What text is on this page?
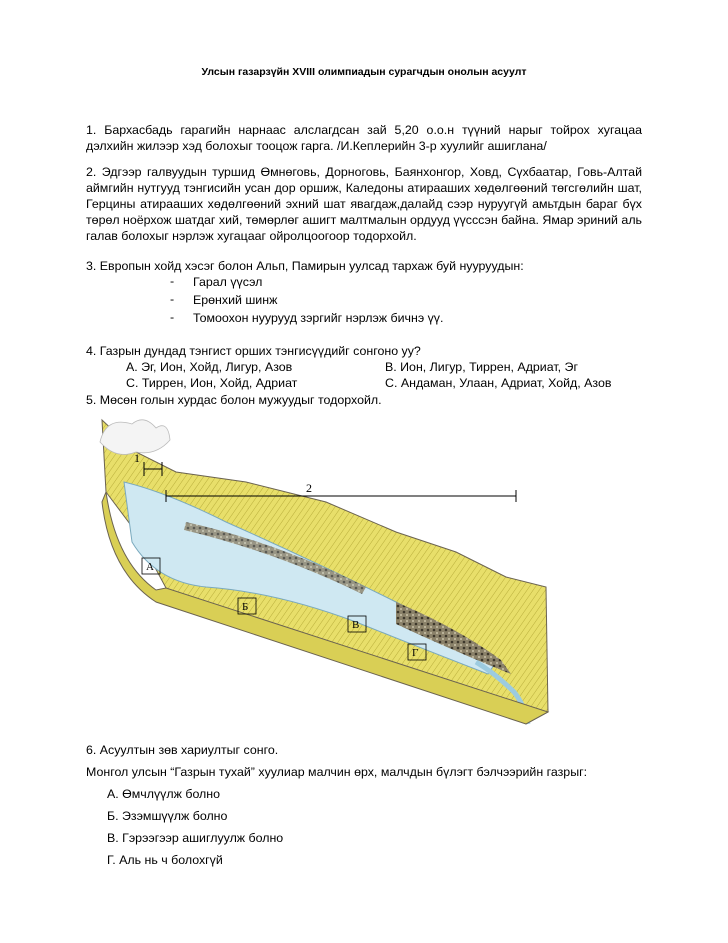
Улсын газарзүйн XVIII олимпиадын сурагчдын онолын асуулт
1. Бархасбадь гарагийн нарнаас алслагдсан зай 5,20 о.о.н түүний нарыг тойрох хугацаа дэлхийн жилээр хэд болохыг тооцож гарга. /И.Кеплерийн 3-р хуулийг ашиглана/
2. Эдгээр галвуудын туршид Өмнөговь, Дорноговь, Баянхонгор, Ховд, Сүхбаатар, Говь-Алтай аймгийн нутгууд тэнгисийн усан дор оршиж, Каледоны атирааших хөдөлгөөний төгсгөлийн шат, Герцины атирааших хөдөлгөөний эхний шат явагдаж,далайд сээр нуруугүй амьтдын бараг бүх төрөл ноёрхож шатдаг хий, төмөрлөг ашигт малтмалын ордууд үүсссэн байна. Ямар эриний аль галав болохыг нэрлэж хугацааг ойролцоогоор тодорхойл.
3. Европын хойд хэсэг болон Альп, Памирын уулсад тархаж буй нууруудын:
- Гарал үүсэл
- Ерөнхий шинж
- Томоохон нуурууд зэргийг нэрлэж бичнэ үү.
4. Газрын дундад тэнгист орших тэнгисүүдийг сонгоно уу?
А. Эг, Ион, Хойд, Лигур, Азов	В. Ион, Лигур, Тиррен, Адриат, Эг
С. Тиррен, Ион, Хойд, Адриат	С. Андаман, Улаан, Адриат, Хойд, Азов
5. Мөсөн голын хурдас болон мужуудыг тодорхойл.
1
2
А
Б
В
Г
6. Асуултын зөв хариултыг сонго.
Монгол улсын “Газрын тухай” хуулиар малчин өрх, малчдын бүлэгт бэлчээрийн газрыг:
А. Өмчлүүлж болно
Б. Эзэмшүүлж болно
В. Гэрээгээр ашиглуулж болно
Г. Аль нь ч болохгүй
